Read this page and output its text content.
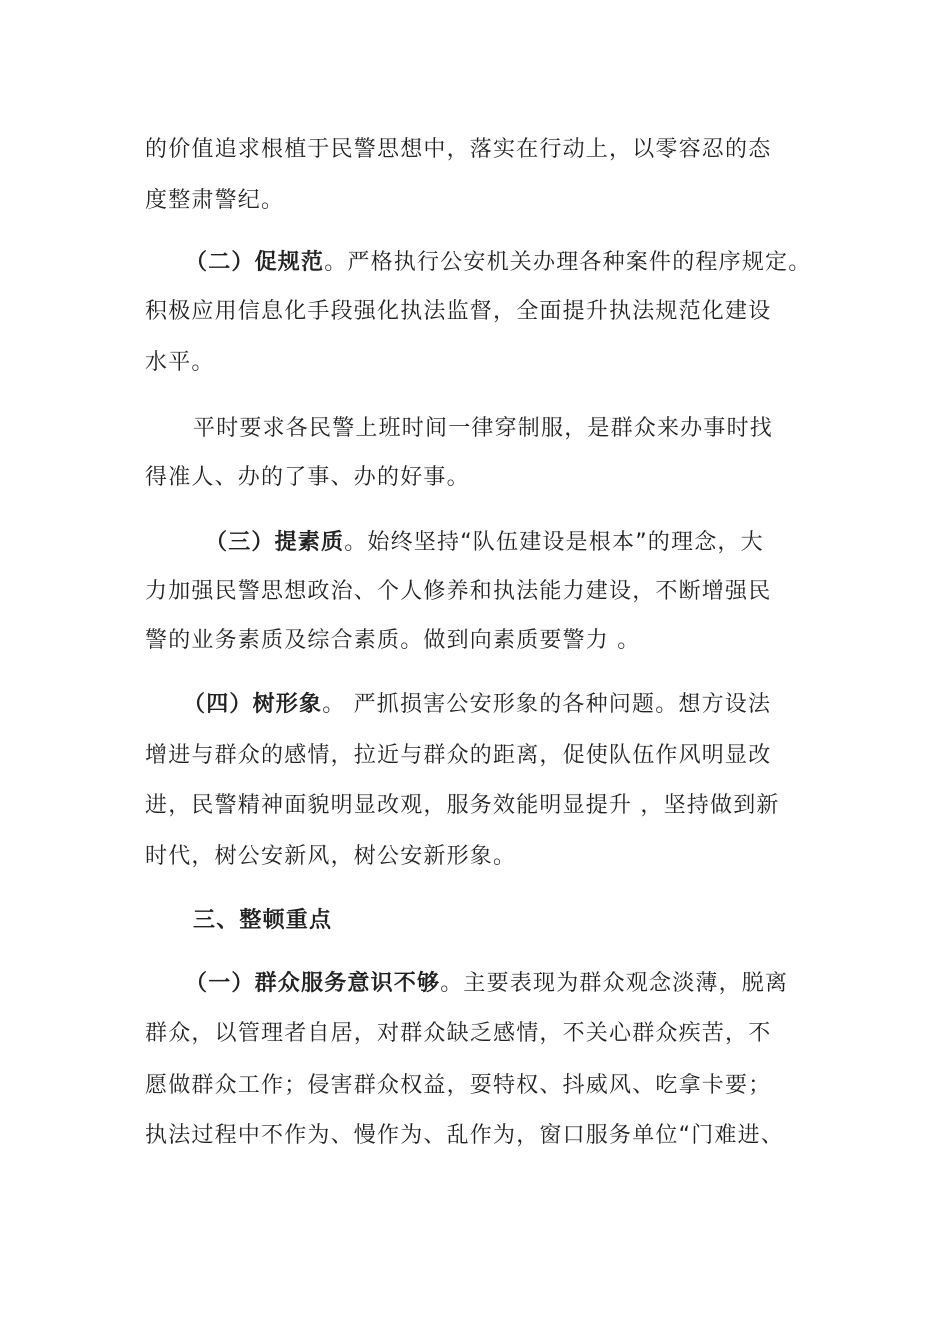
的价值追求根植于民警思想中，落实在行动上，以零容忍的态
度整肃警纪。
（二）促规范。严格执行公安机关办理各种案件的程序规定。
积极应用信息化手段强化执法监督，全面提升执法规范化建设
水平。
平时要求各民警上班时间一律穿制服，是群众来办事时找
得准人、办的了事、办的好事。
（三）提素质。始终坚持“队伍建设是根本”的理念，大
力加强民警思想政治、个人修养和执法能力建设，不断增强民
警的业务素质及综合素质。做到向素质要警力 。
（四）树形象。 严抓损害公安形象的各种问题。想方设法
增进与群众的感情，拉近与群众的距离，促使队伍作风明显改
进，民警精神面貌明显改观，服务效能明显提升 ，坚持做到新
时代，树公安新风，树公安新形象。
三、整顿重点
（一）群众服务意识不够。主要表现为群众观念淡薄，脱离
群众，以管理者自居，对群众缺乏感情，不关心群众疾苦，不
愿做群众工作；侵害群众权益，耍特权、抖威风、吃拿卡要；
执法过程中不作为、慢作为、乱作为，窗口服务单位“门难进、
